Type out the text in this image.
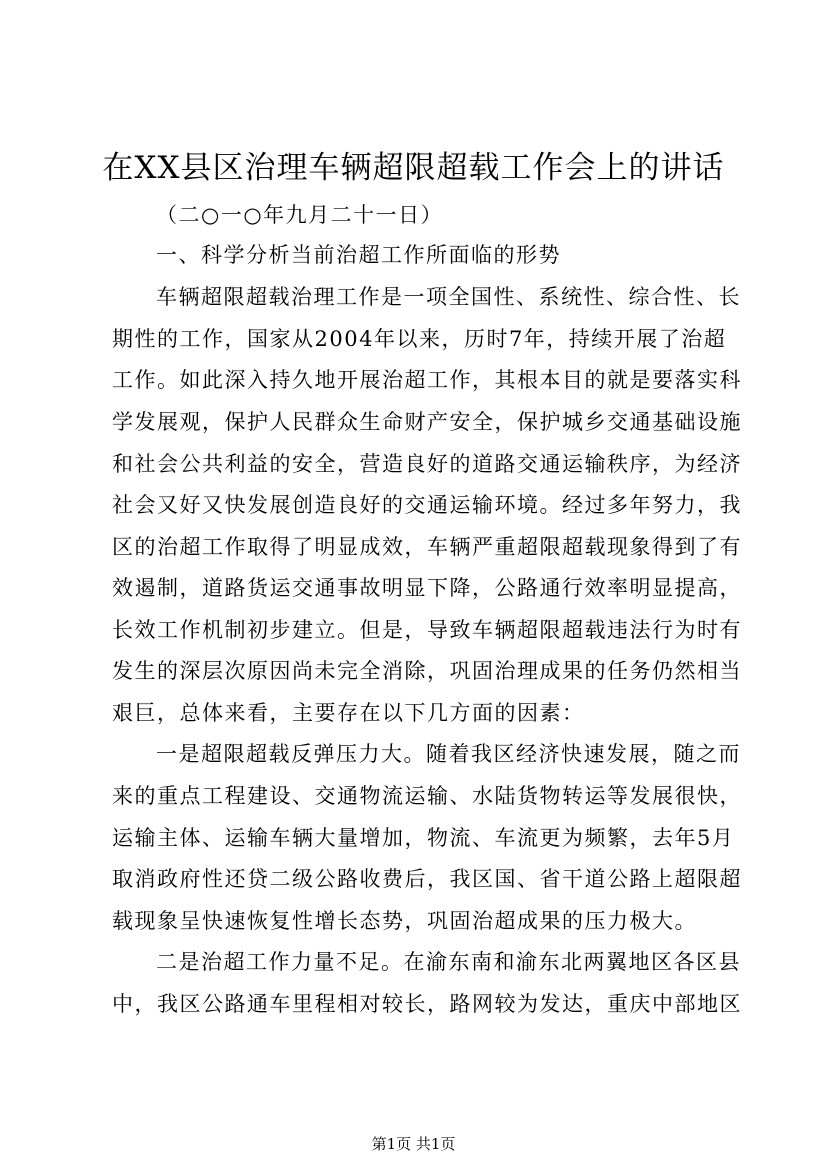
在XX县区治理车辆超限超载工作会上的讲话
（二○一○年九月二十一日）
一、科学分析当前治超工作所面临的形势
车辆超限超载治理工作是一项全国性、系统性、综合性、长
期性的工作，国家从2004年以来，历时7年，持续开展了治超
工作。如此深入持久地开展治超工作，其根本目的就是要落实科
学发展观，保护人民群众生命财产安全，保护城乡交通基础设施
和社会公共利益的安全，营造良好的道路交通运输秩序，为经济
社会又好又快发展创造良好的交通运输环境。经过多年努力，我
区的治超工作取得了明显成效，车辆严重超限超载现象得到了有
效遏制，道路货运交通事故明显下降，公路通行效率明显提高，
长效工作机制初步建立。但是，导致车辆超限超载违法行为时有
发生的深层次原因尚未完全消除，巩固治理成果的任务仍然相当
艰巨，总体来看，主要存在以下几方面的因素：
一是超限超载反弹压力大。随着我区经济快速发展，随之而
来的重点工程建设、交通物流运输、水陆货物转运等发展很快，
运输主体、运输车辆大量增加，物流、车流更为频繁，去年5月
取消政府性还贷二级公路收费后，我区国、省干道公路上超限超
载现象呈快速恢复性增长态势，巩固治超成果的压力极大。
二是治超工作力量不足。在渝东南和渝东北两翼地区各区县
中，我区公路通车里程相对较长，路网较为发达，重庆中部地区
第1页 共1页
